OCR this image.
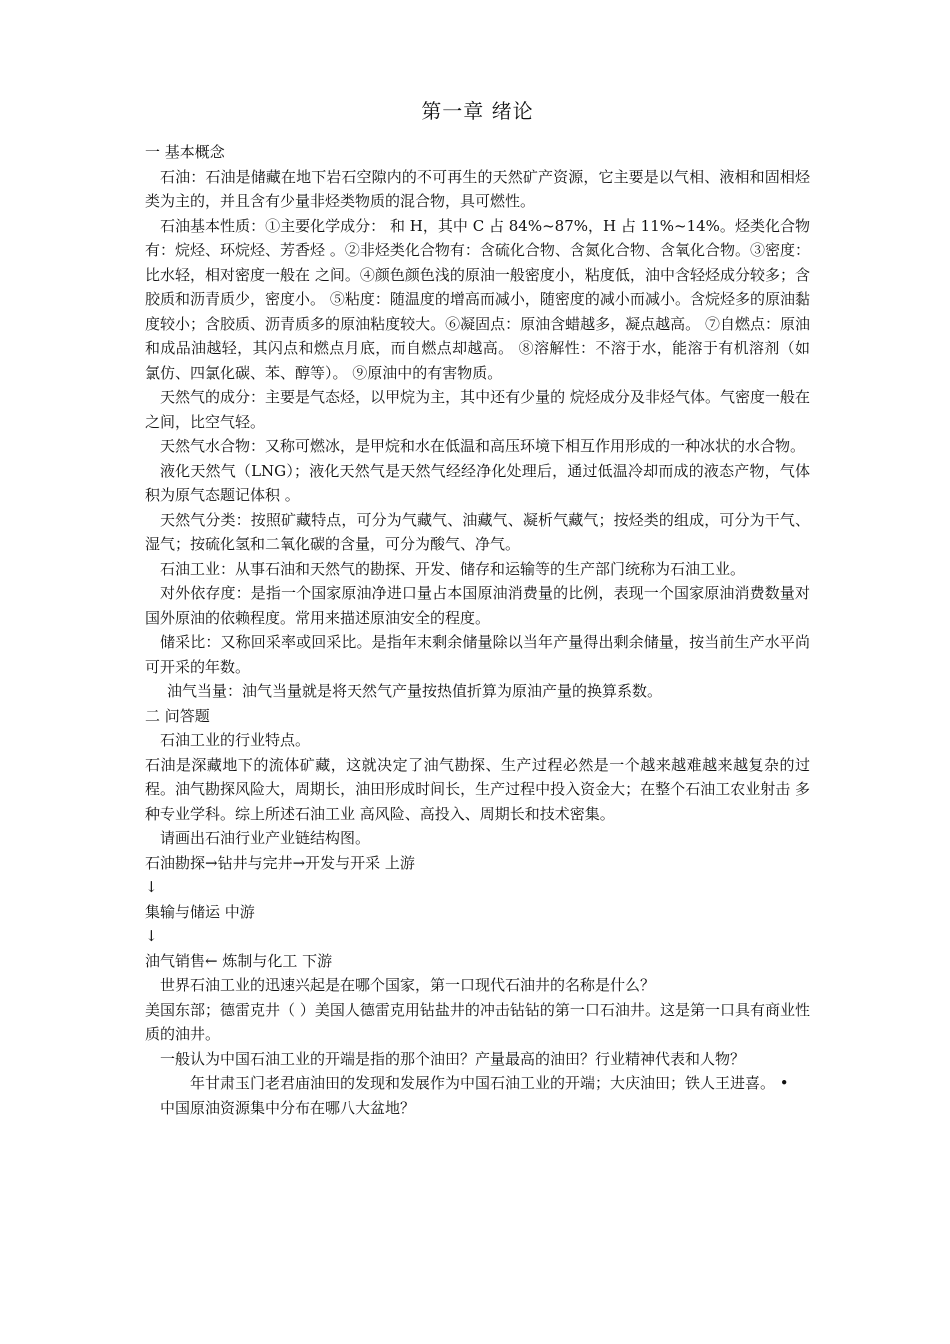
第一章 绪论

一 基本概念

石油：石油是储藏在地下岩石空隙内的不可再生的天然矿产资源，它主要是以气相、液相和固相烃类为主的，并且含有少量非烃类物质的混合物，具可燃性。

石油基本性质：①主要化学成分： 和 H，其中 C 占 84%~87%，H 占 11%~14%。烃类化合物有：烷烃、环烷烃、芳香烃 。②非烃类化合物有：含硫化合物、含氮化合物、含氧化合物。③密度：比水轻，相对密度一般在 之间。④颜色颜色浅的原油一般密度小，粘度低，油中含轻烃成分较多；含胶质和沥青质少，密度小。 ⑤粘度：随温度的增高而减小，随密度的减小而减小。含烷烃多的原油黏度较小；含胶质、沥青质多的原油粘度较大。⑥凝固点：原油含蜡越多，凝点越高。 ⑦自燃点：原油和成品油越轻，其闪点和燃点月底，而自燃点却越高。 ⑧溶解性：不溶于水，能溶于有机溶剂（如 氯仿、四氯化碳、苯、醇等）。 ⑨原油中的有害物质。

天然气的成分：主要是气态烃，以甲烷为主，其中还有少量的 烷烃成分及非烃气体。气密度一般在 之间，比空气轻。

天然气水合物：又称可燃冰，是甲烷和水在低温和高压环境下相互作用形成的一种冰状的水合物。

液化天然气（LNG）；液化天然气是天然气经经净化处理后，通过低温冷却而成的液态产物，气体积为原气态题记体积 。

天然气分类：按照矿藏特点，可分为气藏气、油藏气、凝析气藏气；按烃类的组成，可分为干气、湿气；按硫化氢和二氧化碳的含量，可分为酸气、净气。

石油工业：从事石油和天然气的勘探、开发、储存和运输等的生产部门统称为石油工业。

对外依存度：是指一个国家原油净进口量占本国原油消费量的比例，表现一个国家原油消费数量对国外原油的依赖程度。常用来描述原油安全的程度。

储采比：又称回采率或回采比。是指年末剩余储量除以当年产量得出剩余储量，按当前生产水平尚可开采的年数。

油气当量：油气当量就是将天然气产量按热值折算为原油产量的换算系数。

二 问答题

石油工业的行业特点。

石油是深藏地下的流体矿藏，这就决定了油气勘探、生产过程必然是一个越来越难越来越复杂的过程。油气勘探风险大，周期长，油田形成时间长，生产过程中投入资金大；在整个石油工农业射击 多种专业学科。综上所述石油工业 高风险、高投入、周期长和技术密集。

请画出石油行业产业链结构图。

石油勘探→钻井与完井→开发与开采 上游

↓

集输与储运 中游

↓

油气销售← 炼制与化工 下游

世界石油工业的迅速兴起是在哪个国家，第一口现代石油井的名称是什么？

美国东部；德雷克井（ ）美国人德雷克用钻盐井的冲击钻钻的第一口石油井。这是第一口具有商业性质的油井。

一般认为中国石油工业的开端是指的那个油田？产量最高的油田？行业精神代表和人物？

年甘肃玉门老君庙油田的发现和发展作为中国石油工业的开端；大庆油田；铁人王进喜。 •

中国原油资源集中分布在哪八大盆地？
